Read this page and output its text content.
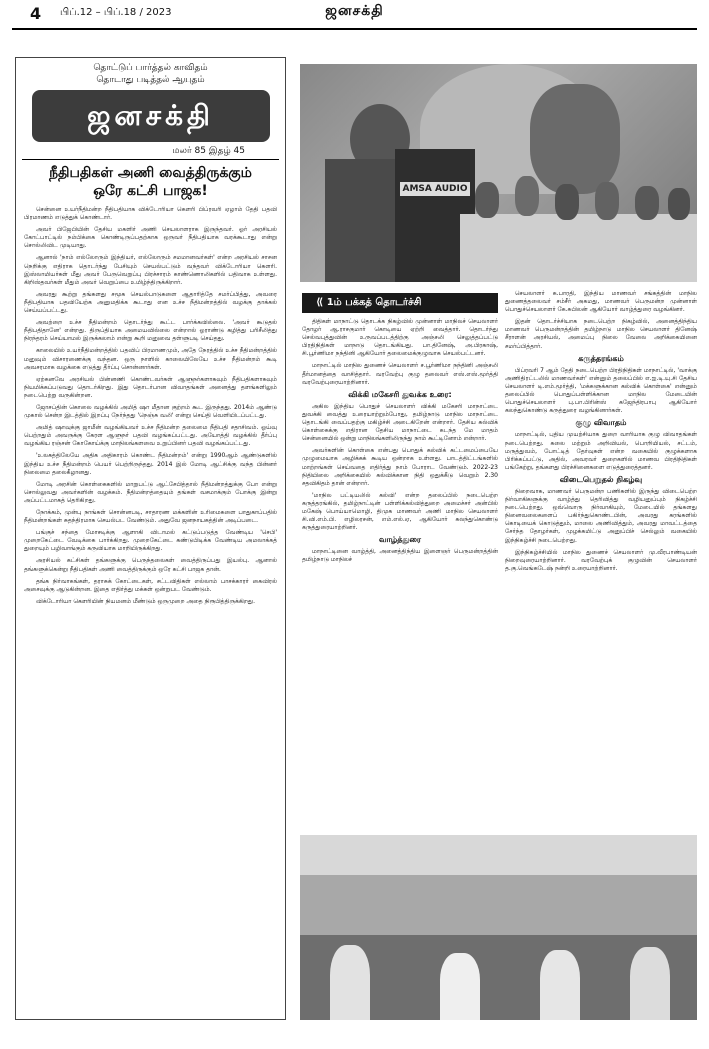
4 பிப்.12 – பிப்.18 / 2023	ஜனசக்தி
தொட்டுப் பார்த்தல் காவிதம்
தொடாது படித்தல் ஆயுதம்
ஜனசக்தி
மலர் 85 இதழ் 45
நீதிபதிகள் அணி வைத்திருக்கும்
ஒரே கட்சி பாஜக!

சென்னை உயர்நீதிமன்ற நீதிபதியாக விக்டோரியா கௌரி பிப்ரவரி ஏழாம் தேதி பதவி பிரமாணம் எடுத்துக் கொண்டார்.

அவர் பிஜேபியின் தேசிய மகளிர் அணி செயலாளராக இருந்தவர். ஓர் அரசியல் கோட்பாட்டில் நம்பிக்கை கொண்டிருப்பதற்காக ஒருவர் நீதிபதியாக வரக்கூடாது என்று சொல்லிவிட முடியாது.

ஆனால் 'நாம் எல்லோரும் இந்தியர், எல்லோரும் சமமானவர்கள்' என்ற அரசியல் சாசன நெறிக்கு எதிராக தொடர்ந்து பேசியும் செயல்பட்டும் வந்தவர் விக்டோரியா கௌரி. இஸ்லாமியர்கள் மீது அவர் பேருவெறுப்பு பிரச்சாரம் காண்ணொலிகளில் பதிவாக உள்ளது. கிறிஸ்தவர்கள் மீதும் அவர் வெறுப்பை உமிழ்ந்திருக்கிறார்.

அவரது கூற்று தங்களது சமூக செயல்பாடுகளை ஆதாரித்தே சமர்ப்பித்து, அவரை நீதிபதியாக பதவியேற்க அனுமதிக்க கூடாது என உச்ச நீதிமன்றத்தில் வழக்கு தாக்கல் செய்யப்பட்டது.

அவற்றை உச்ச நீதிமன்றம் தொடர்ந்து கூட்ட பார்க்கவில்லை. 'அவர் கூடுதல் நீதிபதிதானே' என்றது. திருப்தியாக அமையவில்லை என்றால் ஓராண்டு கழித்து பரிசீலித்து நிரந்தரம் செய்யாமல் இருக்கலாம் என்று கூறி மனுவை தள்ளுபடி செய்தது.

காலையில் உயர்நீதிமன்றத்தில் பதவிப் பிரமாணமும், அதே நேரத்தில் உச்ச நீதிமன்றத்தில் மனுவும் விசாரணைக்கு வந்தன. ஒரு நாளில் காலையிலேயே உச்ச நீதிமன்றம் கூடி அவசரமாக வழக்கை எடுத்து தீர்ப்பு சொன்னார்கள்.

ஏற்கனவே அரசியல் பின்னணி கொண்டவர்கள் ஆளுநர்களாகவும் நீதிபதிகளாகவும் நியமிக்கப்படுவது தொடர்கிறது. இது தொடர்பான விவாதங்கள் அனைத்து தளங்களிலும் நடைபெற்று வருகின்றன.

ஜோசப்தின் கொலை வழக்கில் அமித் ஷா மீதான குற்றம் கூட இருந்தது. 2014ம் ஆண்டு முகால் சென்ற இடத்தில் இறப்பு நேர்ந்தது 'நெஞ்சு வலி' என்று செய்தி வெளியிடப்பட்டது.

அமித் ஷாவுக்கு ஜாமீன் வழங்கியவர் உச்ச நீதிமன்ற தலைமை நீதிபதி சதாசிவம். ஓய்வு பெற்றதும் அவருக்கு கேரள ஆளுநர் பதவி வழங்கப்பட்டது. அயோத்தி வழக்கில் தீர்ப்பு வழங்கிய ரஞ்சன் கோகோய்க்கு மாநிலங்களவை உறுப்பினர் பதவி வழங்கப்பட்டது.

'உலகத்திலேயே அதிக அதிகாரம் கொண்ட நீதிமன்றம்' என்று 1990ஆம் ஆண்டுகளில் இந்திய உச்ச நீதிமன்றம் பெயர் பெற்றிருந்தது. 2014 இல் மோடி ஆட்சிக்கு வந்த பின்னர் நிலைமை தலைகீழானது.

மோடி அரசின் கொள்கைகளில் மாறுபட்டு ஆட்சேபித்தால் நீதிமன்றத்துக்கு போ என்று சொல்லுவது அவர்களின் வழக்கம். நீதிமன்றத்தையும் தங்கள் வசமாக்கும் போக்கு இன்று அப்பட்டமாகத் தெரிகிறது.

நோக்கம், முன்பு நாங்கள் சொன்னபடி, சாதாரண மக்களின் உரிமைகளை பாதுகாப்பதில் நீதிமன்றங்கள் சுதந்திரமாக செயல்பட வேண்டும். அதுவே ஜனநாயகத்தின் அடிப்படை.

பங்குச் சந்தை மோசடிக்கு ஆளாகி விடாமல் கட்டுப்படுத்த வேண்டிய 'செபி' முறைகேட்டை வேடிக்கை பார்க்கிறது. முறைகேட்டை கண்டுபிடிக்க வேண்டிய அமலாக்கத் துறையும் பழிவாங்கும் கருவியாக மாறியிருக்கிறது.

அரசியல் கட்சிகள் தங்களுக்கு பெருந்தலைகள் வைத்திருப்பது இயல்பு. ஆனால் தங்களுக்கென்று நீதிபதிகள் அணி வைத்திருக்கும் ஒரே கட்சி பாஜக தான்.

தங்க நிர்வாகங்கள், தராசுக் கோட்டைகள், சட்டவிதிகள் எல்லாம் பாசக்காரர் கைவிரல் அசைவுக்கு ஆடுகின்றன. இதை எதிர்த்து மக்கள் ஒன்றுபட வேண்டும்.

விக்டோரியா கௌரியின் நியமனம் மீண்டும் ஒருமுறை அதை நிரூபித்திருக்கிறது.

AMSA AUDIO
⟪ 1ம் பக்கத் தொடர்ச்சி

திதிகள் மாநாட்டு தொடக்க நிகழ்வில் முன்னாள் மாநிலச் செயலாளர் தோழர் ஆ.ராசகுமார் கொடியை ஏற்றி வைத்தார். தொடர்ந்து செல்வபுத்துவின் உருவப்படத்திற்கு அஞ்சலி செலுத்தப்பட்டு பிரதிநிதிகள் மாநாடு தொடங்கியது. பா.தினேஷ், அ.பிரகாஷ், சி.பூர்ணிமா நந்தினி ஆகியோர் தலைமைக்குழுவாக செயல்பட்டனர்.

மாநாட்டில் மாநில துணைச் செயலாளர் ச.பூர்ணிமா நந்தினி அஞ்சலி தீர்மானத்தை வாசித்தார். வரவேற்பு குழு தலைவர் எஸ்.எஸ்.மூர்த்தி வரவேற்புரையாற்றினார்.

விக்கி மகேசரி துவக்க உரை:

அகில இந்திய பொதுச் செயலாளர் விக்கி மகேசரி மாநாட்டை துவக்கி வைத்து உரையாற்றும்போது, தமிழ்நாடு மாநில மாநாட்டை தொடங்கி வைப்பதற்கு மகிழ்ச்சி அடைகிறேன் என்றார். தேசிய கல்விக் கொள்கைக்கு எதிரான தேசிய மாநாட்டை கடந்த மே மாதம் சென்னையில் ஒன்று மாநிலங்களிலிருந்து நாம் கூட்டினோம் என்றார்.

அவர்களின் கொள்கை என்பது பொதுக் கல்விக் கட்டமைப்பையே முழுமையாக அழிக்கக் கூடிய ஒன்றாக உள்ளது. பாடத்திட்டங்களில் மாற்றங்கள் செய்வதை எதிர்த்து நாம் போராட வேண்டும். 2022-23 நிதியிலை அறிக்கையில் கல்விக்கான நிதி ஒதுக்கீடு வெறும் 2.30 சதவிகிதம் தான் என்றார்.

'மாநில பட்டியலில் கல்வி' என்ற தலைப்பில் நடைபெற்ற கருத்தரங்கில், தமிழ்நாட்டின் பள்ளிக்கல்வித்துறை அமைச்சர் அன்பில் மகேஷ் பொய்யாமொழி, திமுக மாணவர் அணி மாநில செயலாளர் சி.வி.எம்.பி. எழிலரசன், எம்.எல்.ஏ, ஆகியோர் கலந்துகொண்டு கருத்துரையாற்றினர்.

வாழ்த்துரை

மாநாட்டினை வாழ்த்தி, அனைத்திந்திய இளைஞர் பெருமன்றத்தின் தமிழ்நாடு மாநிலச்

செயலாளர் க.பாரதி, இந்திய மாணவர் சங்கத்தின் மாநில துணைத்தலைவர் சம்சீர் அகமது, மாணவர் பெருமன்ற முன்னாள் பொதுச்செயலாளர் கே.சுபிலன் ஆகியோர் வாழ்த்துரை வழங்கினர்.

இதன் தொடர்ச்சியாக நடைபெற்ற நிகழ்வில், அனைத்திந்திய மாணவர் பெருமன்றத்தின் தமிழ்நாடு மாநில செயலாளர் தினேஷ் சீராளன் அரசியல், அமைப்பு நிலை வேலை அறிக்கையினை சமர்ப்பித்தார்.

கருத்தரங்கம்

பிப்ரவரி 7 ஆம் தேதி நடைபெற்ற பிரதிநிதிகள் மாநாட்டில், 'வாக்கு அணிதிரட்டலில் மாணவர்கள்' என்னும் தலைப்பில் எ.ஐ.டி.யு.சி தேசிய செயலாளர் டி.எம்.மூர்த்தி, 'மக்களுக்கான கல்விக் கொள்கை' என்னும் தலைப்பில் பொதுப்பள்ளிக்கான மாநில மேடையின் பொதுச்செயலாளர் பு.பா.பிரின்ஸ் கஜேந்திரபாபு ஆகியோர் கலந்துகொண்டு கருத்துரை வழங்கினார்கள்.

குழு விவாதம்

மாநாட்டில், புதிய முயற்சியாக துறை வாரியாக குழு விவாதங்கள் நடைபெற்றது. கலை மற்றும் அறிவியல், பொறியியல், சட்டம், மருத்துவம், போட்டித் தேர்வுகள் என்ற வகையில் குழுக்களாக பிரிக்கப்பட்டு, அதில், அவரவர் துறைகளில் மாணவ பிரதிநிதிகள் பங்கேற்று, தங்களது பிரச்சினைகளை எடுத்துரைத்தனர்.

விடைபெறுதல் நிகழ்வு

நிறைவாக, மாணவர் பெருமன்ற பணிகளில் இருந்து விடைபெற்ற நிர்வாகிகளுக்கு வாழ்த்து தெரிவித்து வழியனுப்பும் நிகழ்ச்சி நடைபெற்றது. ஒவ்வொரு நிர்வாகியும், மேடையில் தங்களது நினைவலைகளைப் பகிர்ந்துகொண்டபின், அவரது கரங்களில் கொடியைக் கொடுத்தும், மாலை அணிவித்தும், அவரது மாவட்டத்தை சேர்ந்த தோழர்கள், முழக்கமிட்டு அனுப்பிச் செல்லும் வகையில் இந்நிகழ்ச்சி நடைபெற்றது.

இந்நிகழ்ச்சியில் மாநில துணைச் செயலாளர் மு.வீரபாண்டியன் நிறைவுரையாற்றினார். வரவேற்புக் குழுவின் செயலாளர் த.கு.வெங்கடேஷ் நன்றி உரையாற்றினார்.
